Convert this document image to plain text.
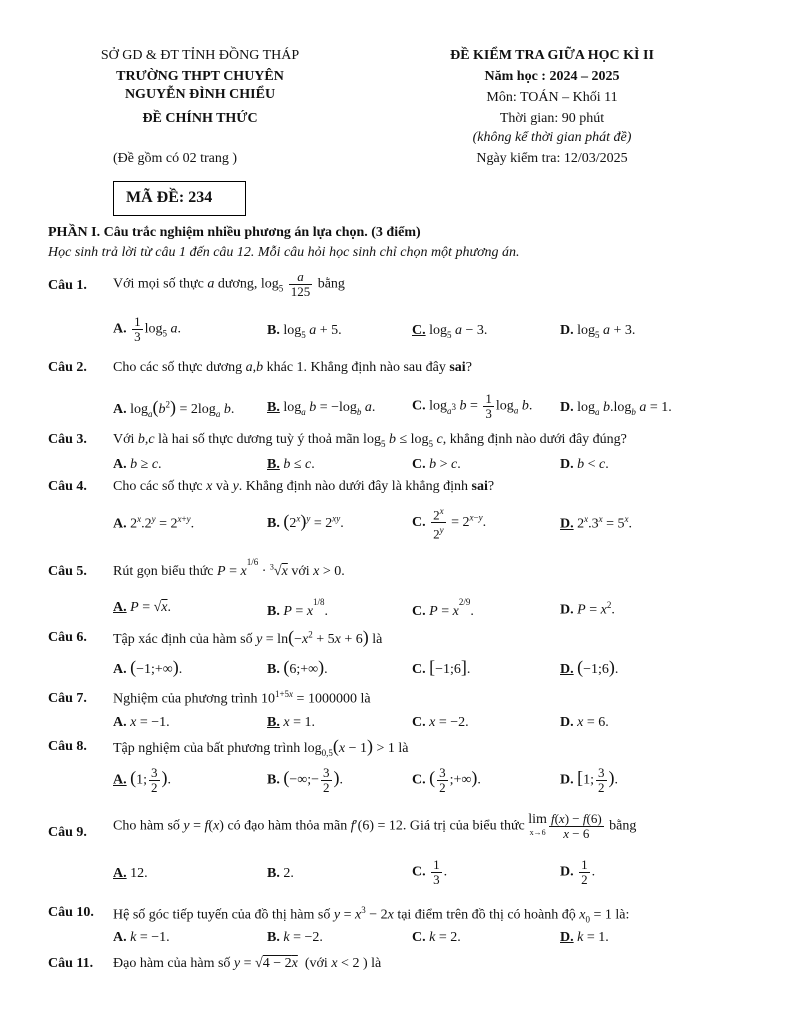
SỞ GD & ĐT TỈNH ĐỒNG THÁP
TRƯỜNG THPT CHUYÊN
NGUYỄN ĐÌNH CHIỂU
ĐỀ CHÍNH THỨC
(Đề gồm có 02 trang )
ĐỀ KIỂM TRA GIỮA HỌC KÌ II
Năm học : 2024 – 2025
Môn: TOÁN – Khối 11
Thời gian: 90 phút
(không kể thời gian phát đề)
Ngày kiểm tra: 12/03/2025
MÃ ĐỀ: 234
PHẦN I. Câu trắc nghiệm nhiều phương án lựa chọn. (3 điểm)
Học sinh trả lời từ câu 1 đến câu 12. Mỗi câu hỏi học sinh chỉ chọn một phương án.
Câu 1. Với mọi số thực a dương, $\log_5 \frac{a}{125}$ bằng
A. $\frac{1}{3} \log_5 a$.	B. $\log_5 a + 5$.	C. $\log_5 a - 3$.	D. $\log_5 a + 3$.
Câu 2. Cho các số thực dương a,b khác 1. Khẳng định nào sau đây sai?
A. $\log_a(b^2) = 2\log_a$ b. B. $\log_a b = -\log_b$ a.	C. $\log_{a^3} b = \frac{1}{3} \log_a b$. D. $\log_a b.\log_b$ a = 1.
Câu 3. Với b,c là hai số thực dương tuỳ ý thoả mãn $\log_5 b \le \log_5 c$, khẳng định nào dưới đây đúng?
A. b ≥ c.	B. b ≤ c.	C. b > c.	D. b < c.
Câu 4. Cho các số thực x và y. Khẳng định nào dưới đây là khẳng định sai?
A. $2^x.2^y = 2^{x+y}$.	B. $(2^x)^y = 2^{xy}$.	C. $\frac{2^x}{2^y} = 2^{x-y}$.	D. $2^x.3^x = 5^x$.
Câu 5. Rút gọn biểu thức $P = x^{1/6} \cdot ^3√x$ với x > 0.
A. P = √x.	B. $P = x^{1/8}$.	C. $P = x^{2/9}$.	D. $P = x^2$.
Câu 6. Tập xác định của hàm số $y = \ln(-x^2 + 5x + 6)$ là
A. (−1;+∞).	B. (6;+∞).	C. [−1;6].	D. (−1;6).
Câu 7. Nghiệm của phương trình $10^{1+5x} = 1000000$ là
A. x = −1.	B. x = 1.	C. x = −2.	D. x = 6.
Câu 8. Tập nghiệm của bất phương trình $\log_{0,5}(x - 1) > 1$ là
A. (1; $\frac{3}{2}$ ).	B. (−∞;− $\frac{3}{2}$ ).	C. ( $\frac{3}{2}$ ;+∞).	D. [1; $\frac{3}{2}$ ).
Câu 9. Cho hàm số y = f(x) có đạo hàm thỏa mãn f′(6) = 12. Giá trị của biểu thức lim
$x\to 6 \frac{f(x) - f(6)}{x - 6}$ bằng
A. 12.	B. 2.	C. $\frac{1}{3}$ .	D. $\frac{1}{2}$ .
Câu 10. Hệ số góc tiếp tuyến của đồ thị hàm số $y = x^3 - 2x$ tại điểm trên đồ thị có hoành độ $x_0 = 1$ là:
A. k = −1.	B. k = −2.	C. k = 2.	D. k = 1.
Câu 11. Đạo hàm của hàm số y = √4 − 2x  (với x < 2 ) là
